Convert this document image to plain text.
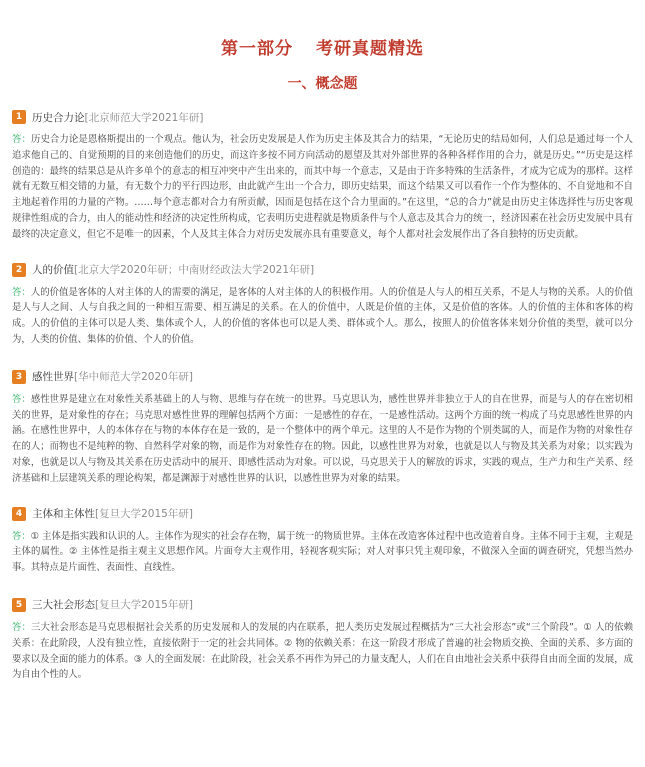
第一部分 考研真题精选
一、概念题
1 历史合力论 [北京师范大学2021年研]

答：历史合力论是恩格斯提出的一个观点。他认为，社会历史发展是人作为历史主体及其合力的结果，“无论历史的结局如何，人们总是通过每一个人追求他自己的、自觉预期的目的来创造他们的历史，而这许多按不同方向活动的愿望及其对外部世界的各种各样作用的合力，就是历史。”“历史是这样创造的：最终的结果总是从许多单个的意志的相互冲突中产生出来的，而其中每一个意志，又是由于许多特殊的生活条件，才成为它成为的那样。这样就有无数互相交错的力量，有无数个力的平行四边形，由此就产生出一个合力，即历史结果，而这个结果又可以看作一个作为整体的、不自觉地和不自主地起着作用的力量的产物。……每个意志都对合力有所贡献，因而是包括在这个合力里面的。”在这里，“总的合力”就是由历史主体选择性与历史客观规律性组成的合力，由人的能动性和经济的决定性所构成，它表明历史进程就是物质条件与个人意志及其合力的统一，经济因素在社会历史发展中具有最终的决定意义，但它不是唯一的因素，个人及其主体合力对历史发展亦具有重要意义，每个人都对社会发展作出了各自独特的历史贡献。

2 人的价值 [北京大学2020年研；中南财经政法大学2021年研]

答：人的价值是客体的人对主体的人的需要的满足，是客体的人对主体的人的积极作用。人的价值是人与人的相互关系，不是人与物的关系。人的价值是人与人之间、人与自我之间的一种相互需要、相互满足的关系。在人的价值中，人既是价值的主体，又是价值的客体。人的价值的主体和客体的构成。人的价值的主体可以是人类、集体或个人，人的价值的客体也可以是人类、群体或个人。那么，按照人的价值客体来划分价值的类型，就可以分为，人类的价值、集体的价值、个人的价值。

3 感性世界 [华中师范大学2020年研]

答：感性世界是建立在对象性关系基础上的人与物、思维与存在统一的世界。马克思认为，感性世界并非独立于人的自在世界，而是与人的存在密切相关的世界，是对象性的存在；马克思对感性世界的理解包括两个方面：一是感性的存在，一是感性活动。这两个方面的统一构成了马克思感性世界的内涵。在感性世界中，人的本体存在与物的本体存在是一致的，是一个整体中的两个单元。这里的人不是作为物的个别类属的人，而是作为物的对象性存在的人；而物也不是纯粹的物、自然科学对象的物，而是作为对象性存在的物。因此，以感性世界为对象，也就是以人与物及其关系为对象；以实践为对象，也就是以人与物及其关系在历史活动中的展开、即感性活动为对象。可以说，马克思关于人的解放的诉求，实践的观点，生产力和生产关系、经济基础和上层建筑关系的理论构架，都是渊源于对感性世界的认识，以感性世界为对象的结果。

4 主体和主体性 [复旦大学2015年研]

答：① 主体是指实践和认识的人。主体作为现实的社会存在物，属于统一的物质世界。主体在改造客体过程中也改造着自身。主体不同于主观，主观是主体的属性。② 主体性是指主观主义思想作风。片面夸大主观作用，轻视客观实际；对人对事只凭主观印象，不做深入全面的调查研究，凭想当然办事。其特点是片面性、表面性、直线性。

5 三大社会形态 [复旦大学2015年研]

答：三大社会形态是马克思根据社会关系的历史发展和人的发展的内在联系，把人类历史发展过程概括为“三大社会形态”或“三个阶段”。① 人的依赖关系：在此阶段，人没有独立性，直接依附于一定的社会共同体。② 物的依赖关系：在这一阶段才形成了普遍的社会物质交换、全面的关系、多方面的要求以及全面的能力的体系。③ 人的全面发展：在此阶段，社会关系不再作为异己的力量支配人，人们在自由地社会关系中获得自由而全面的发展，成为自由个性的人。
